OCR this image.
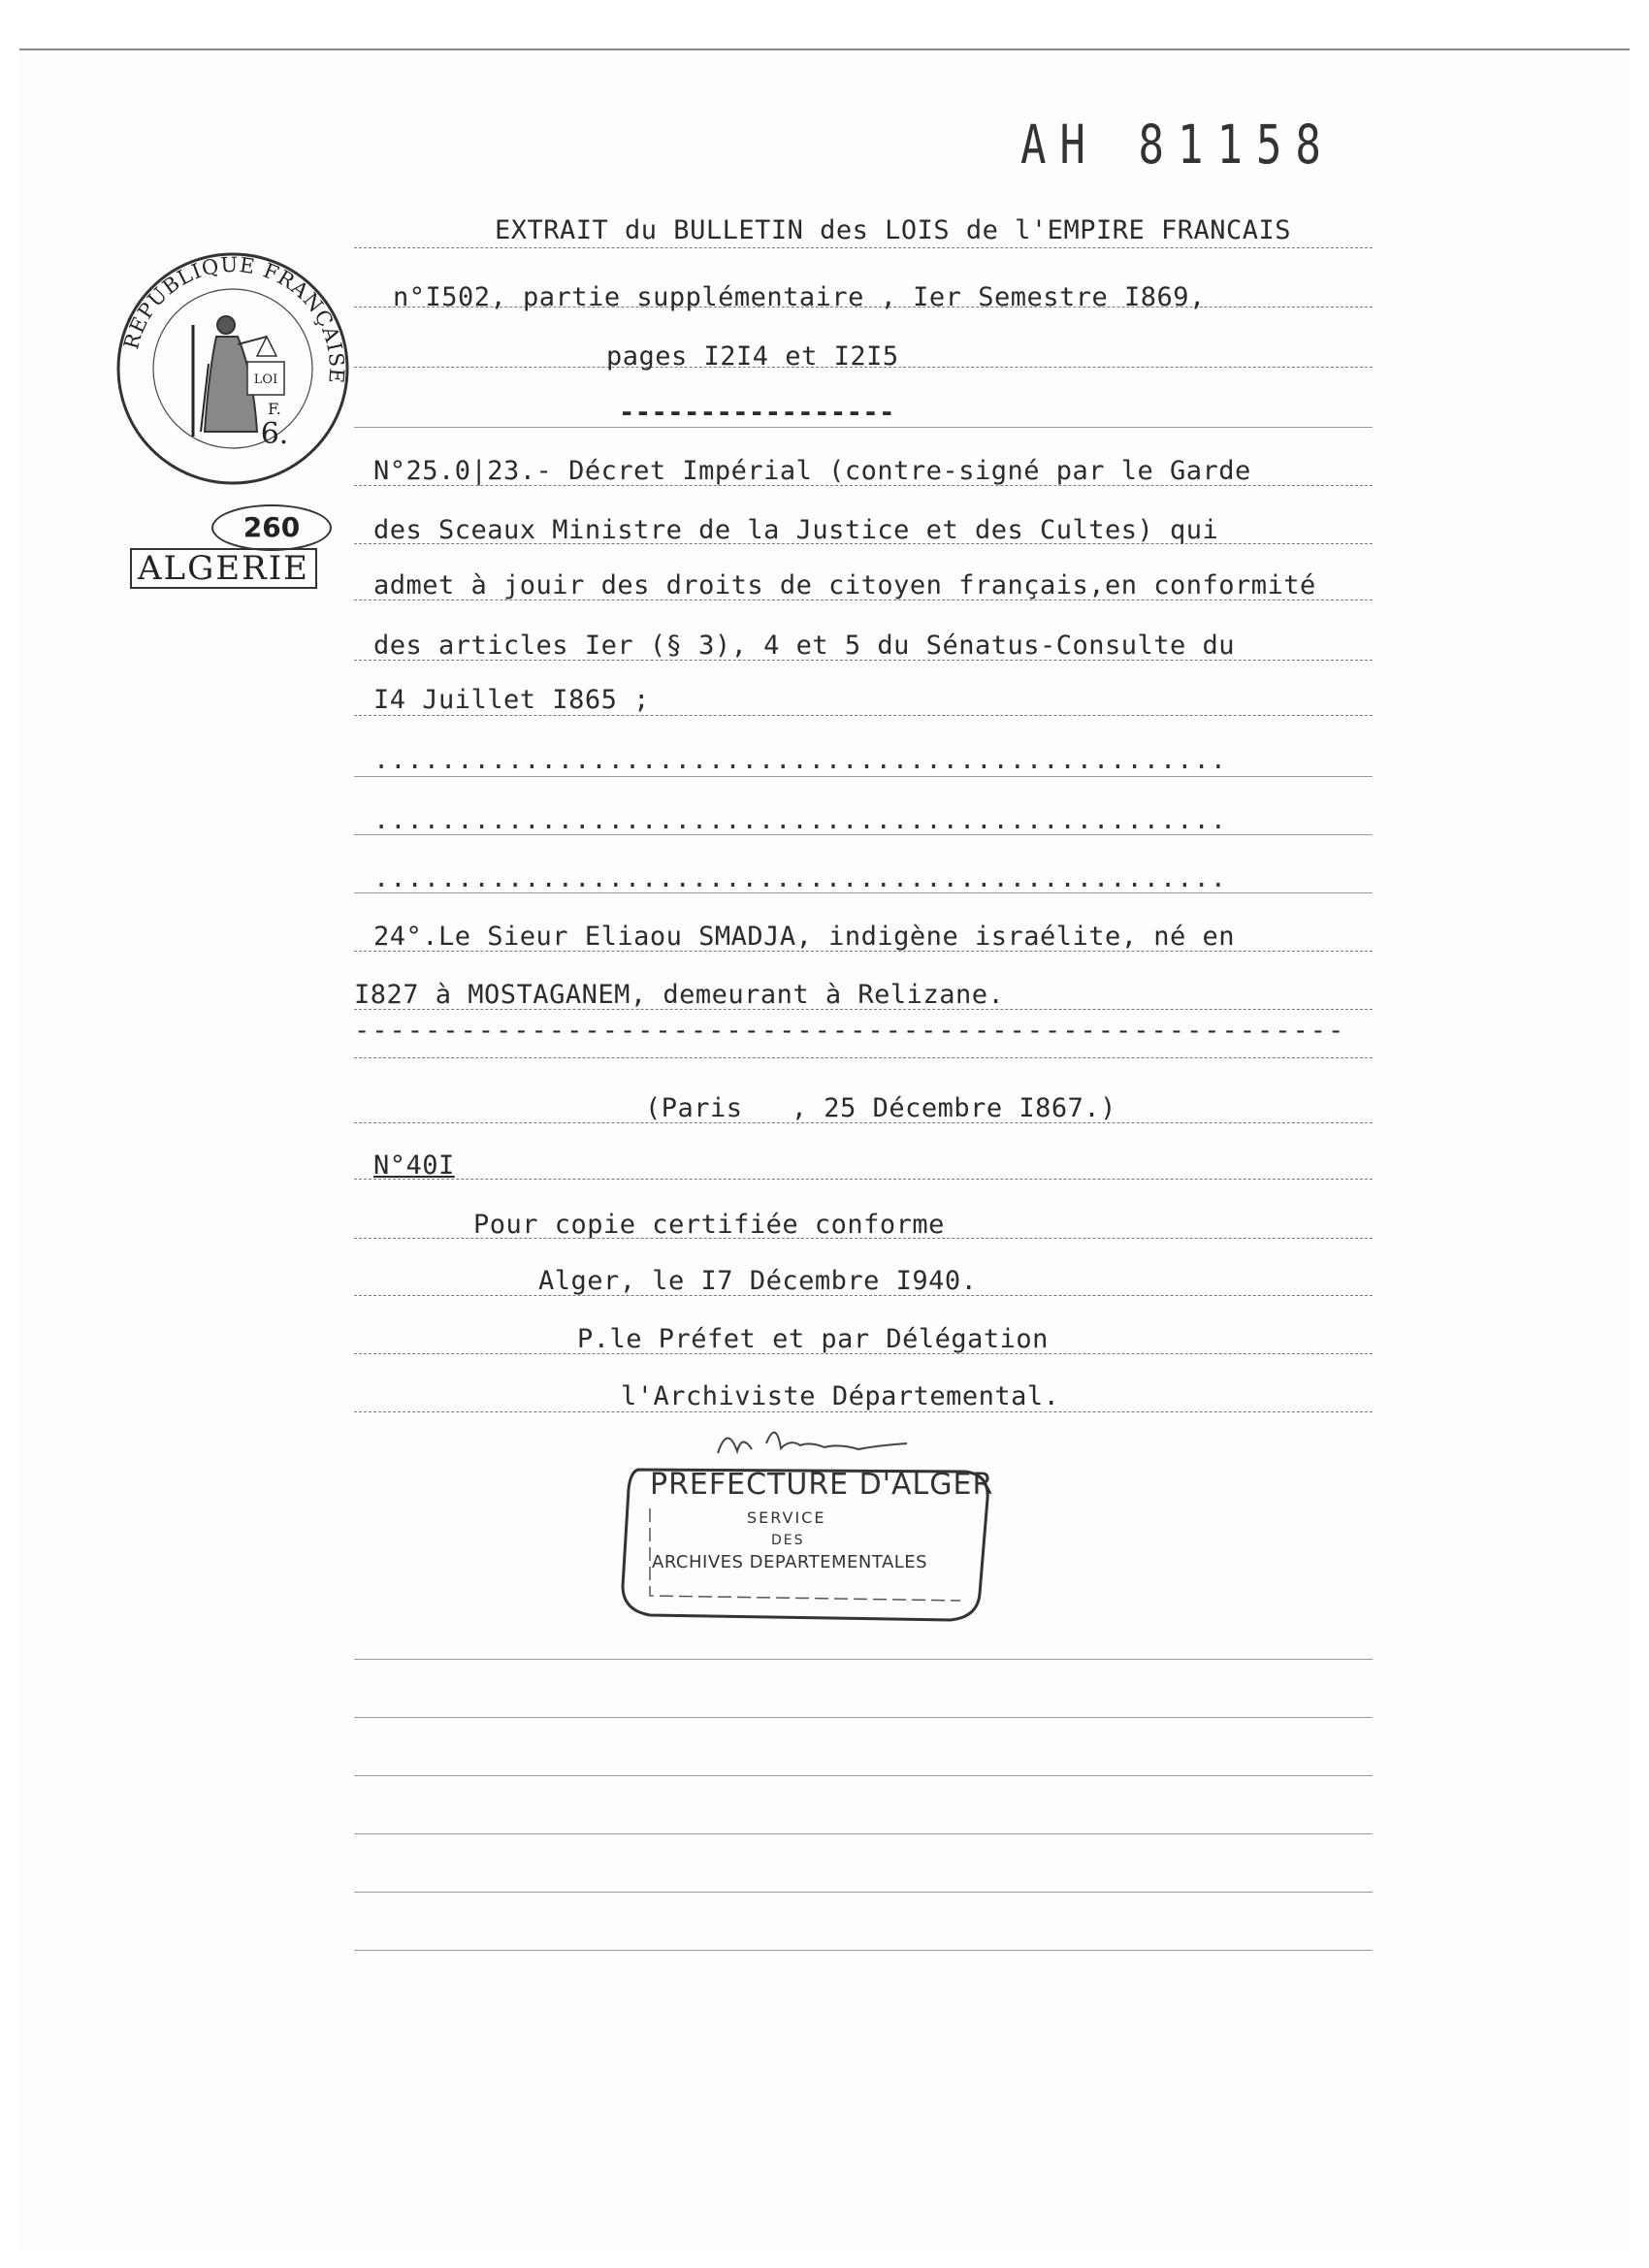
AH 81158
RÉPUBLIQUE FRANÇAISE
LOI
F.
6.
260
ALGERIE
EXTRAIT du BULLETIN des LOIS de l'EMPIRE FRANCAIS
n°I502, partie supplémentaire , Ier Semestre I869,
pages I2I4 et I2I5
-----------------
N°25.0|23.- Décret Impérial (contre-signé par le Garde
des Sceaux Ministre de la Justice et des Cultes) qui
admet à jouir des droits de citoyen français,en conformité
des articles Ier (§ 3), 4 et 5 du Sénatus-Consulte du
I4 Juillet I865 ;
...................................................
...................................................
...................................................
24°.Le Sieur Eliaou SMADJA, indigène israélite, né en
I827 à MOSTAGANEM, demeurant à Relizane.
--------------------------------------------------------
(Paris   , 25 Décembre I867.)
N°40I
Pour copie certifiée conforme
Alger, le I7 Décembre I940.
P.le Préfet et par Délégation
l'Archiviste Départemental.
PREFECTURE D'ALGER
SERVICE
DES
ARCHIVES DEPARTEMENTALES
